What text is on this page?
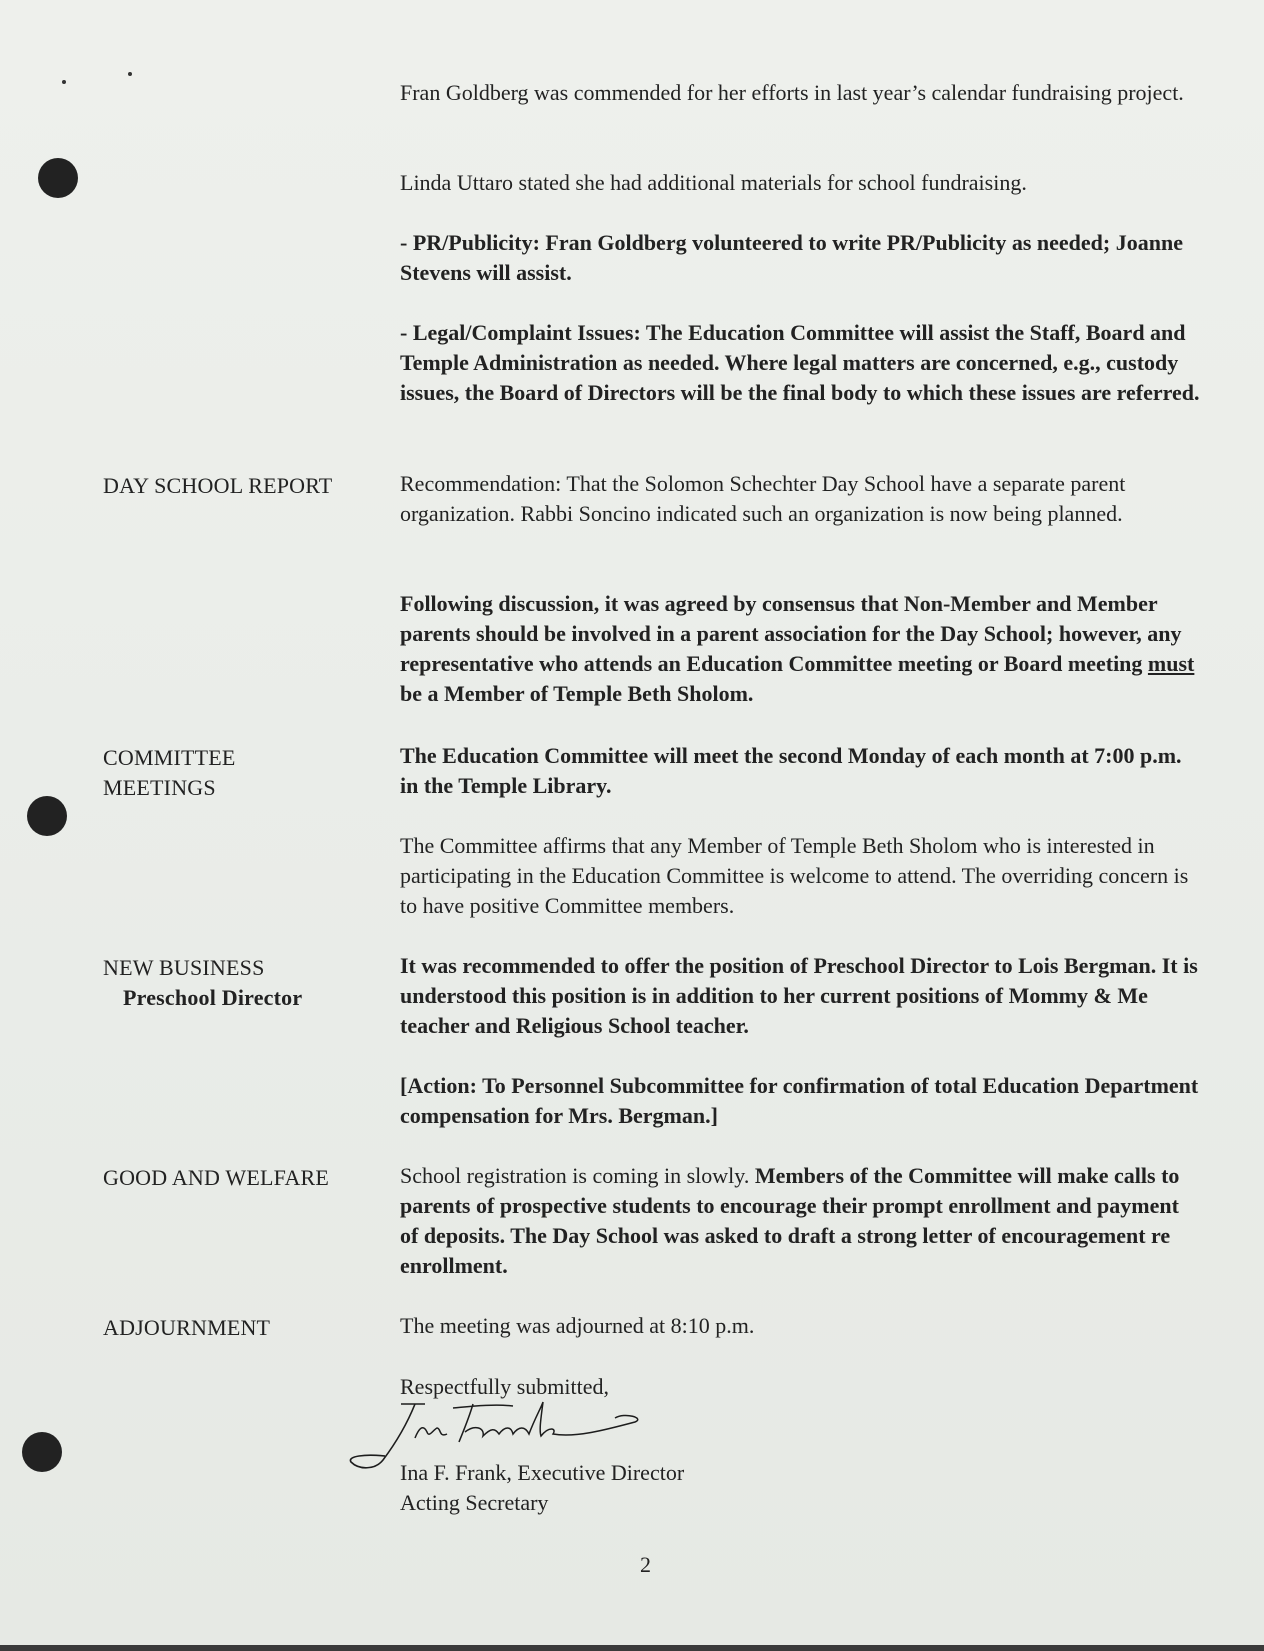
Fran Goldberg was commended for her efforts in last year’s calendar fundraising project.
Linda Uttaro stated she had additional materials for school fundraising.
- PR/Publicity: Fran Goldberg volunteered to write PR/Publicity as needed; Joanne Stevens will assist.
- Legal/Complaint Issues: The Education Committee will assist the Staff, Board and Temple Administration as needed. Where legal matters are concerned, e.g., custody issues, the Board of Directors will be the final body to which these issues are referred.
DAY SCHOOL REPORT	Recommendation: That the Solomon Schechter Day School have a separate parent organization. Rabbi Soncino indicated such an organization is now being planned.
Following discussion, it was agreed by consensus that Non-Member and Member parents should be involved in a parent association for the Day School; however, any representative who attends an Education Committee meeting or Board meeting must be a Member of Temple Beth Sholom.
COMMITTEE
MEETINGS
The Education Committee will meet the second Monday of each month at 7:00 p.m. in the Temple Library.
The Committee affirms that any Member of Temple Beth Sholom who is interested in participating in the Education Committee is welcome to attend. The overriding concern is to have positive Committee members.
NEW BUSINESS
Preschool Director
It was recommended to offer the position of Preschool Director to Lois Bergman. It is understood this position is in addition to her current positions of Mommy & Me teacher and Religious School teacher.
[Action: To Personnel Subcommittee for confirmation of total Education Department compensation for Mrs. Bergman.]
GOOD AND WELFARE	School registration is coming in slowly. Members of the Committee will make calls to parents of prospective students to encourage their prompt enrollment and payment of deposits. The Day School was asked to draft a strong letter of encouragement re enrollment.
ADJOURNMENT	The meeting was adjourned at 8:10 p.m.
Respectfully submitted,
Ina F. Frank, Executive Director
Acting Secretary
2
